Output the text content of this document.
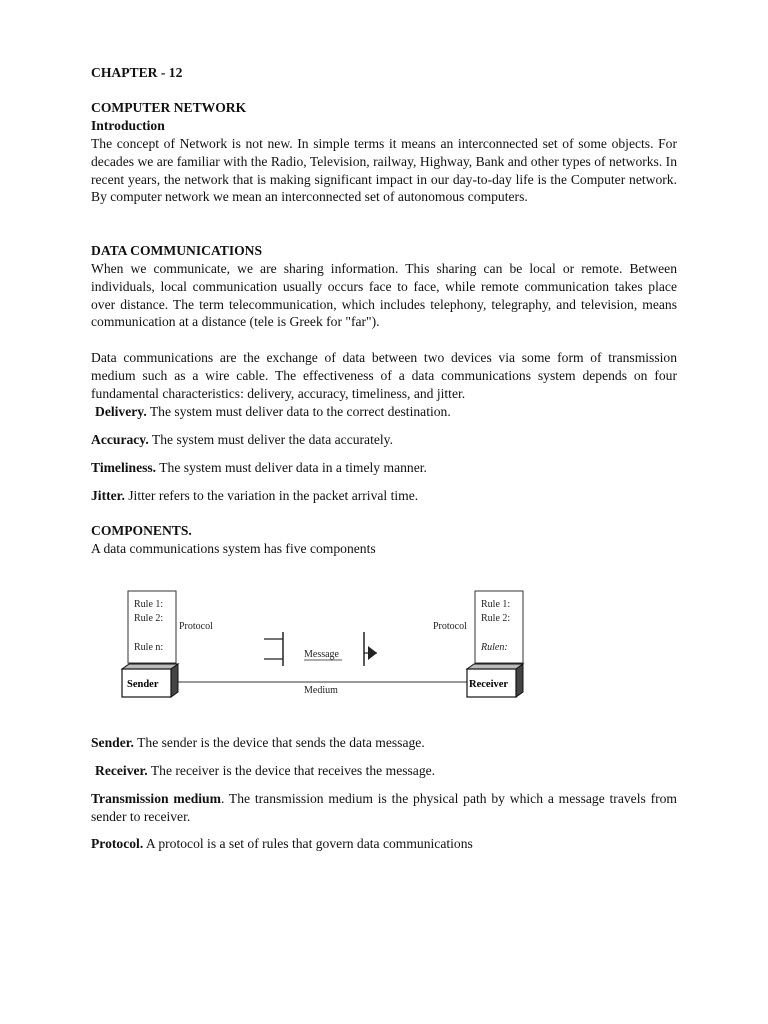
CHAPTER - 12
COMPUTER NETWORK
Introduction

The concept of Network is not new. In simple terms it means an interconnected set of some objects. For decades we are familiar with the Radio, Television, railway, Highway, Bank and other types of networks. In recent years, the network that is making significant impact in our day-to-day life is the Computer network. By computer network we mean an interconnected set of autonomous computers.

DATA COMMUNICATIONS

When we communicate, we are sharing information. This sharing can be local or remote. Between individuals, local communication usually occurs face to face, while remote communication takes place over distance. The term telecommunication, which includes telephony, telegraphy, and television, means communication at a distance (tele is Greek for "far").

Data communications are the exchange of data between two devices via some form of transmission medium such as a wire cable. The effectiveness of a data communications system depends on four fundamental characteristics: delivery, accuracy, timeliness, and jitter.

Delivery. The system must deliver data to the correct destination.

Accuracy. The system must deliver the data accurately.

Timeliness. The system must deliver data in a timely manner.

Jitter. Jitter refers to the variation in the packet arrival time.

COMPONENTS.

A data communications system has five components

Rule 1:
Rule 2:
Rule n:
Protocol
Rule 1:
Rule 2:
Rulen:
Protocol
Message
Medium
Sender	Receiver

Sender. The sender is the device that sends the data message.

Receiver. The receiver is the device that receives the message.

Transmission medium. The transmission medium is the physical path by which a message travels from sender to receiver.

Protocol. A protocol is a set of rules that govern data communications
